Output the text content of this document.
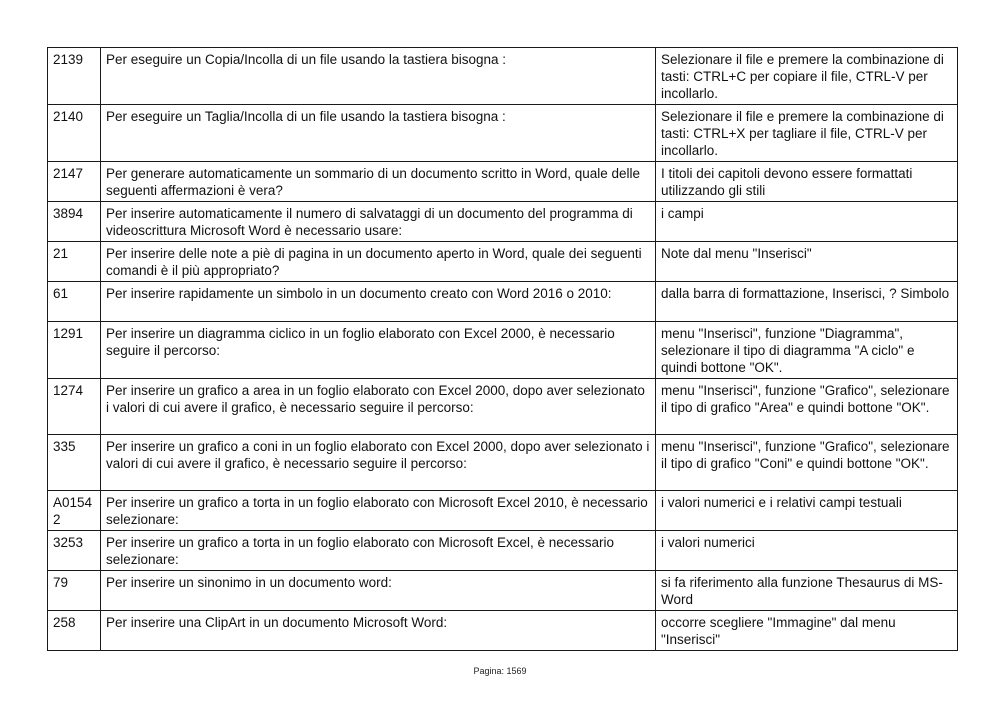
2139	Per eseguire un Copia/Incolla di un file usando la tastiera bisogna :	Selezionare il file e premere la combinazione di tasti: CTRL+C per copiare il file, CTRL-V per incollarlo.
2140	Per eseguire un Taglia/Incolla di un file usando la tastiera bisogna :	Selezionare il file e premere la combinazione di tasti: CTRL+X per tagliare il file, CTRL-V per incollarlo.
2147	Per generare automaticamente un sommario di un documento scritto in Word, quale delle seguenti affermazioni è vera?	I titoli dei capitoli devono essere formattati utilizzando gli stili
3894	Per inserire automaticamente il numero di salvataggi di un documento del programma di videoscrittura Microsoft Word è necessario usare:	i campi
21	Per inserire delle note a piè di pagina in un documento aperto in Word, quale dei seguenti comandi è il più appropriato?	Note dal menu "Inserisci"
61	Per inserire rapidamente un simbolo in un documento creato con Word 2016 o 2010:	dalla barra di formattazione, Inserisci, ? Simbolo
1291	Per inserire un diagramma ciclico in un foglio elaborato con Excel 2000, è necessario seguire il percorso:	menu "Inserisci", funzione "Diagramma", selezionare il tipo di diagramma "A ciclo" e quindi bottone "OK".
1274	Per inserire un grafico a area in un foglio elaborato con Excel 2000, dopo aver selezionato i valori di cui avere il grafico, è necessario seguire il percorso:	menu "Inserisci", funzione "Grafico", selezionare il tipo di grafico "Area" e quindi bottone "OK".
335	Per inserire un grafico a coni in un foglio elaborato con Excel 2000, dopo aver selezionato i valori di cui avere il grafico, è necessario seguire il percorso:	menu "Inserisci", funzione "Grafico", selezionare il tipo di grafico "Coni" e quindi bottone "OK".
A01542	Per inserire un grafico a torta in un foglio elaborato con Microsoft Excel 2010, è necessario selezionare:	i valori numerici e i relativi campi testuali
3253	Per inserire un grafico a torta in un foglio elaborato con Microsoft Excel, è necessario selezionare:	i valori numerici
79	Per inserire un sinonimo in un documento word:	si fa riferimento alla funzione Thesaurus di MS-Word
258	Per inserire una ClipArt in un documento Microsoft Word:	occorre scegliere "Immagine" dal menu "Inserisci"
Pagina: 1569
